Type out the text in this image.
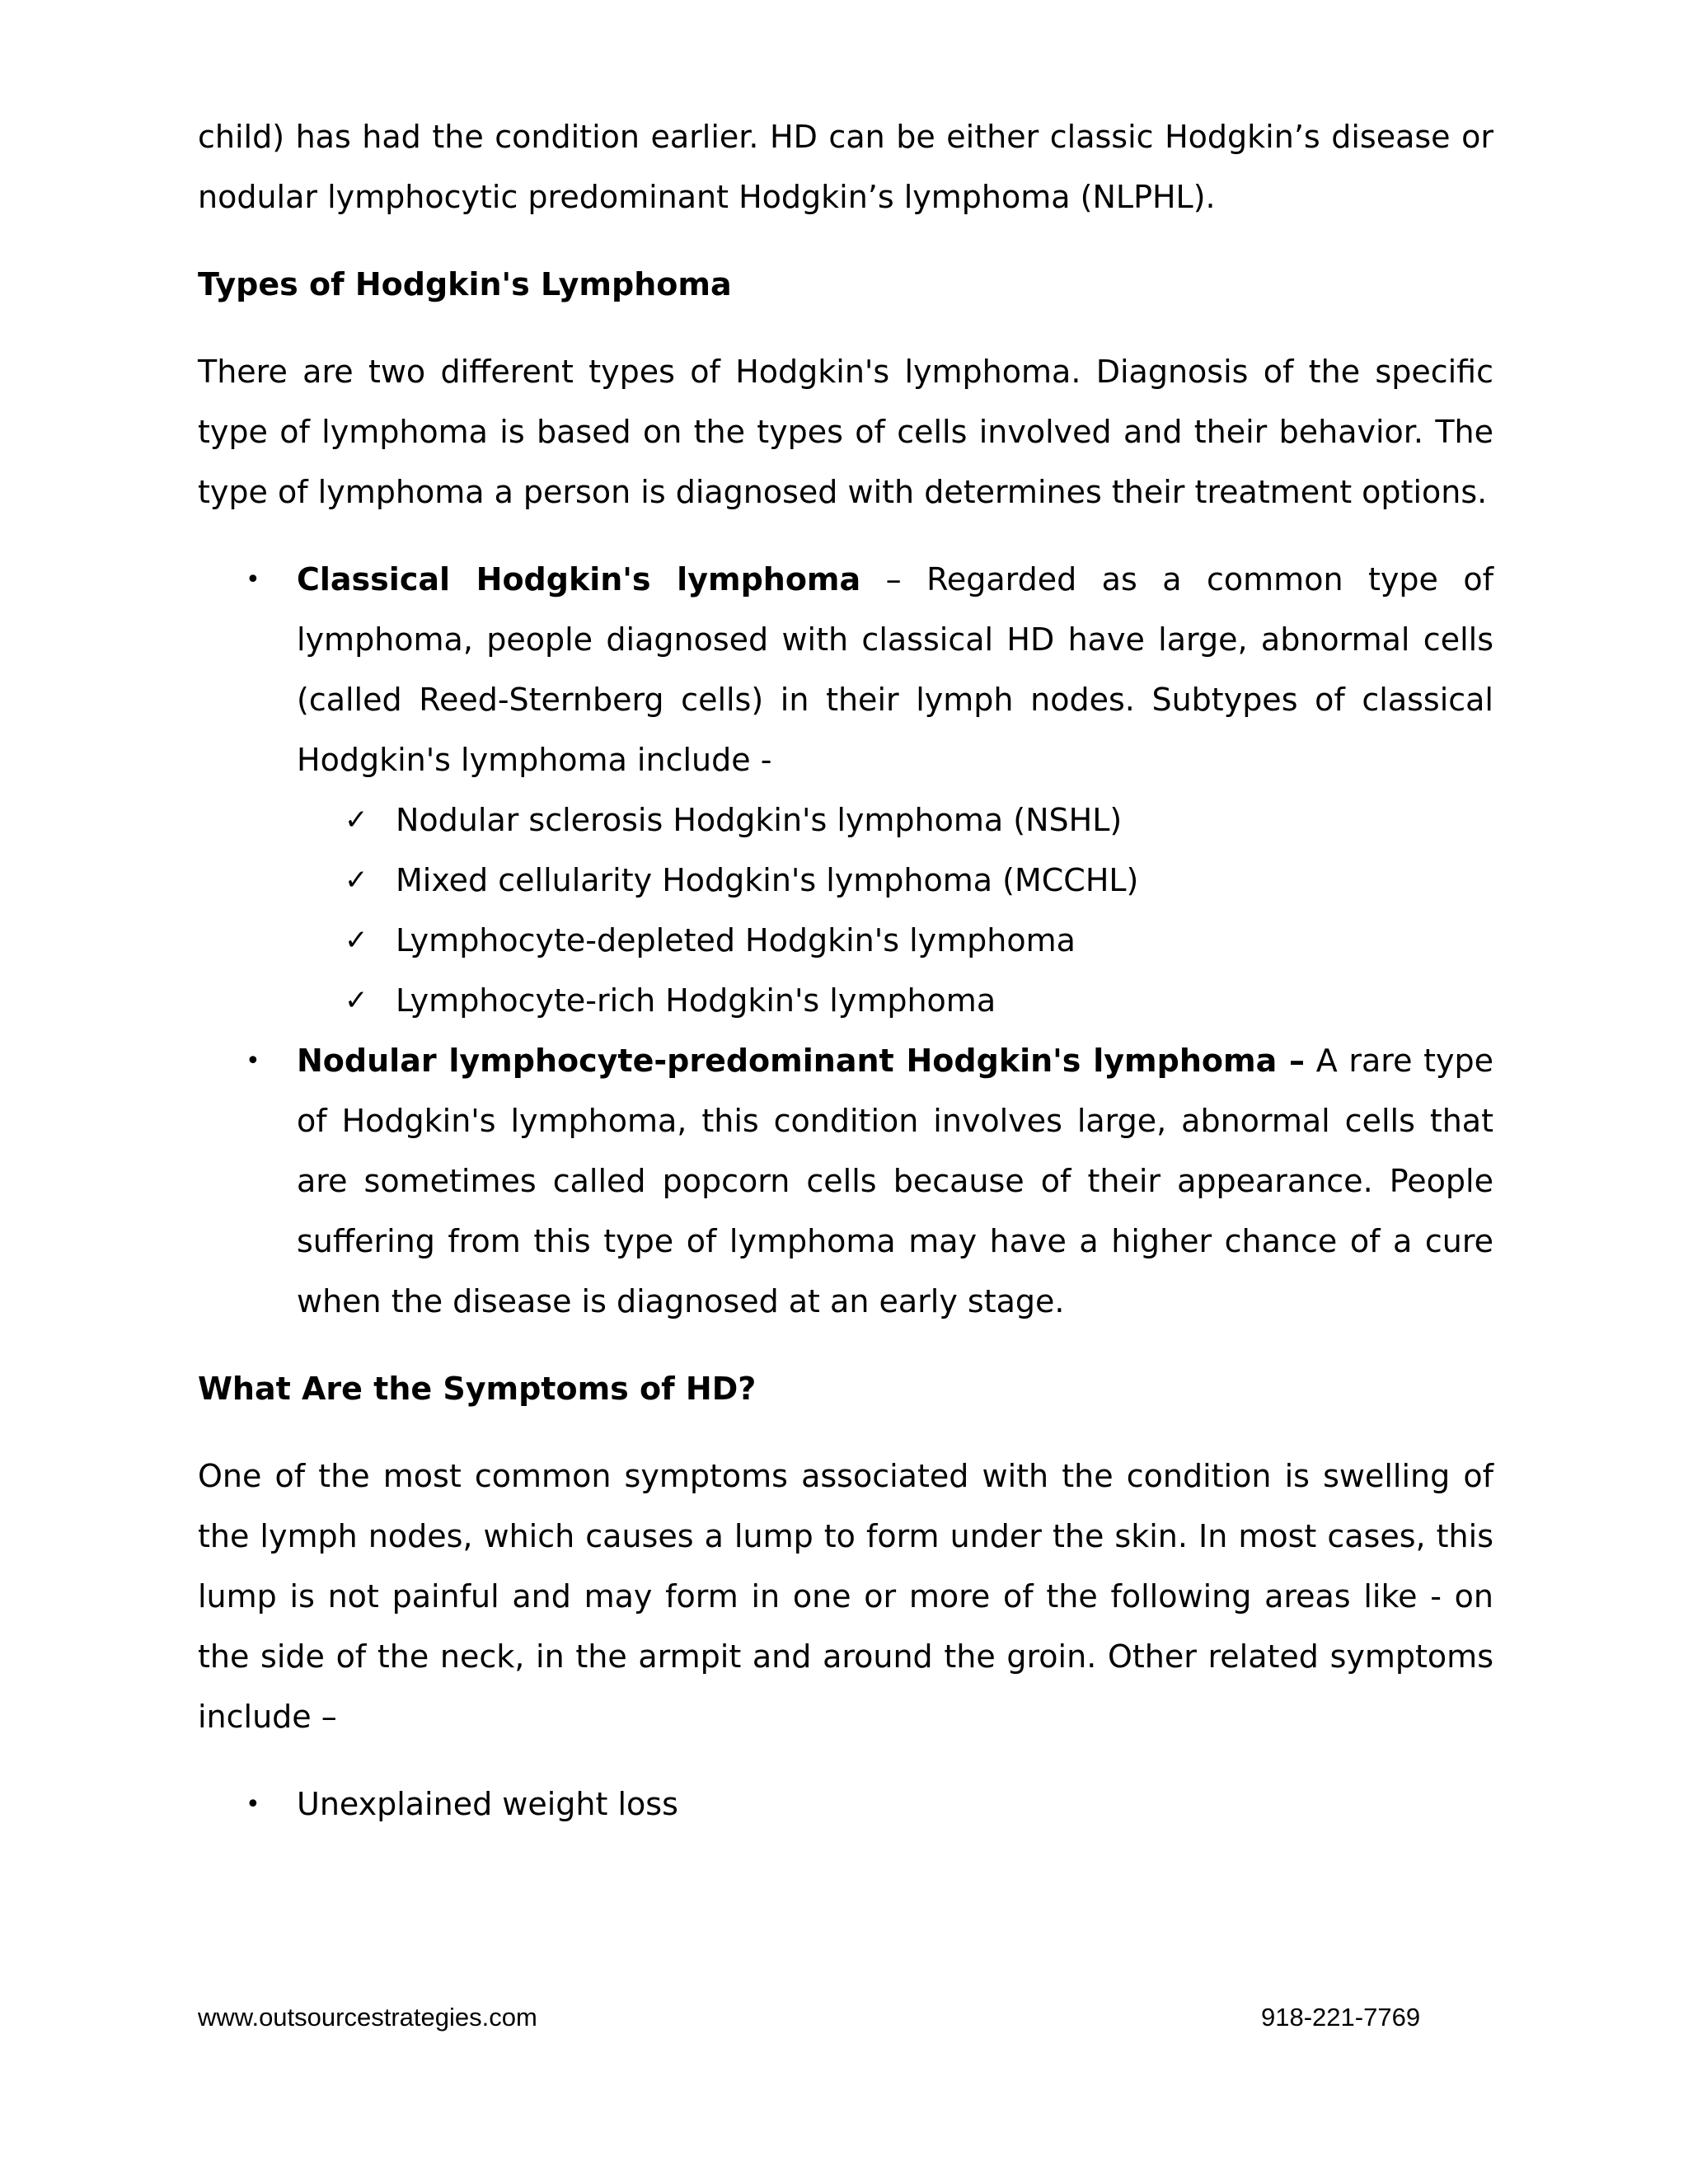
child) has had the condition earlier. HD can be either classic Hodgkin’s disease or nodular lymphocytic predominant Hodgkin’s lymphoma (NLPHL).

Types of Hodgkin's Lymphoma

There are two different types of Hodgkin's lymphoma. Diagnosis of the specific type of lymphoma is based on the types of cells involved and their behavior. The type of lymphoma a person is diagnosed with determines their treatment options.

• Classical Hodgkin's lymphoma – Regarded as a common type of lymphoma, people diagnosed with classical HD have large, abnormal cells (called Reed-Sternberg cells) in their lymph nodes. Subtypes of classical Hodgkin's lymphoma include -
✓ Nodular sclerosis Hodgkin's lymphoma (NSHL)
✓ Mixed cellularity Hodgkin's lymphoma (MCCHL)
✓ Lymphocyte-depleted Hodgkin's lymphoma
✓ Lymphocyte-rich Hodgkin's lymphoma
• Nodular lymphocyte-predominant Hodgkin's lymphoma – A rare type of Hodgkin's lymphoma, this condition involves large, abnormal cells that are sometimes called popcorn cells because of their appearance. People suffering from this type of lymphoma may have a higher chance of a cure when the disease is diagnosed at an early stage.
What Are the Symptoms of HD?

One of the most common symptoms associated with the condition is swelling of the lymph nodes, which causes a lump to form under the skin. In most cases, this lump is not painful and may form in one or more of the following areas like - on the side of the neck, in the armpit and around the groin. Other related symptoms include –

• Unexplained weight loss
www.outsourcestrategies.com	918-221-7769
